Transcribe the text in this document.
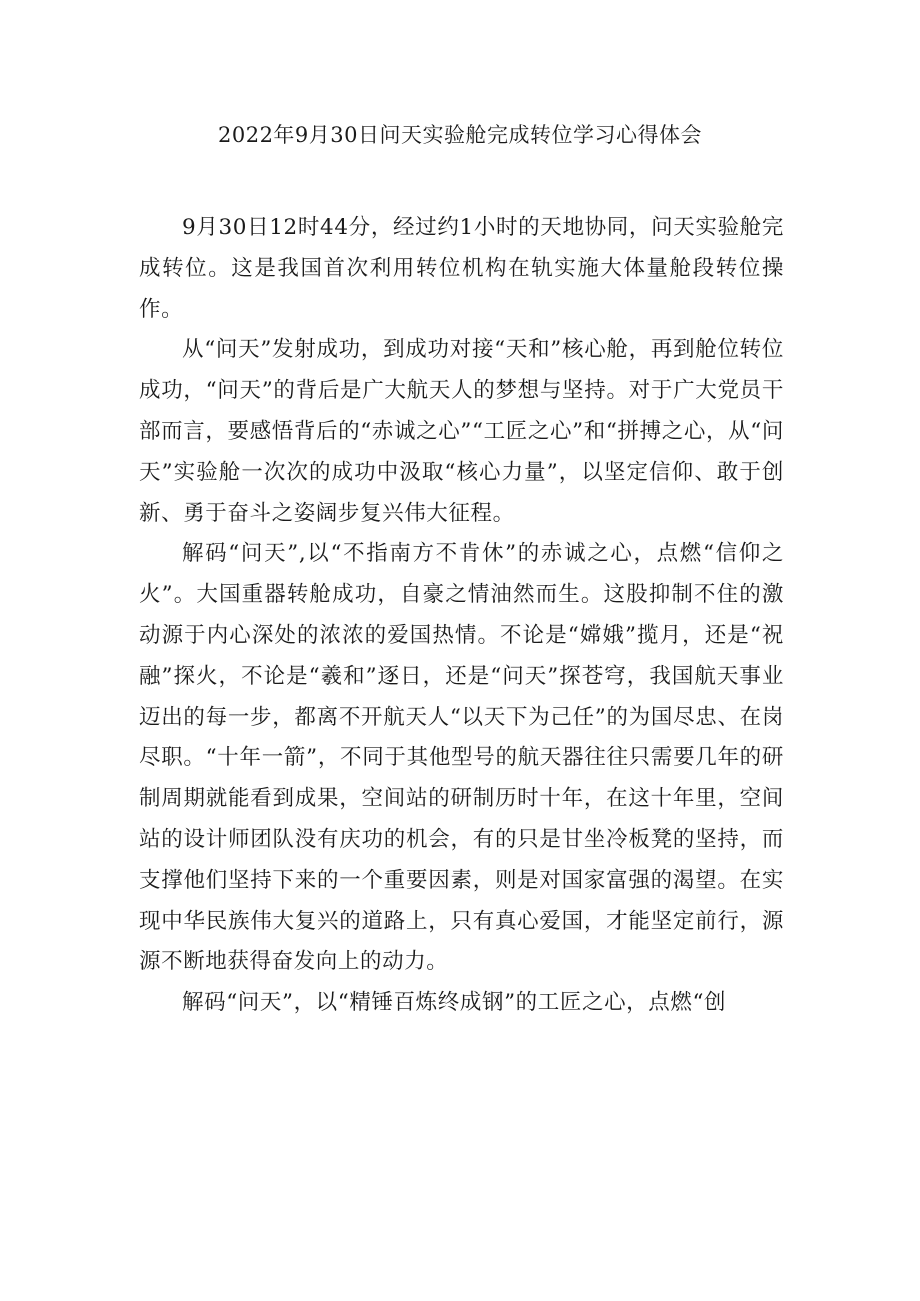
2022年9月30日问天实验舱完成转位学习心得体会

9月30日12时44分，经过约1小时的天地协同，问天实验舱完成转位。这是我国首次利用转位机构在轨实施大体量舱段转位操作。

从“问天”发射成功，到成功对接“天和”核心舱，再到舱位转位成功，“问天”的背后是广大航天人的梦想与坚持。对于广大党员干部而言，要感悟背后的“赤诚之心”“工匠之心”和“拼搏之心，从“问天”实验舱一次次的成功中汲取“核心力量”，以坚定信仰、敢于创新、勇于奋斗之姿阔步复兴伟大征程。

解码“问天”,以“不指南方不肯休”的赤诚之心，点燃“信仰之火”。大国重器转舱成功，自豪之情油然而生。这股抑制不住的激动源于内心深处的浓浓的爱国热情。不论是“嫦娥”揽月，还是“祝融”探火，不论是“羲和”逐日，还是“问天”探苍穹，我国航天事业迈出的每一步，都离不开航天人“以天下为己任”的为国尽忠、在岗尽职。“十年一箭”，不同于其他型号的航天器往往只需要几年的研制周期就能看到成果，空间站的研制历时十年，在这十年里，空间站的设计师团队没有庆功的机会，有的只是甘坐冷板凳的坚持，而支撑他们坚持下来的一个重要因素，则是对国家富强的渴望。在实现中华民族伟大复兴的道路上，只有真心爱国，才能坚定前行，源源不断地获得奋发向上的动力。

解码“问天”，以“精锤百炼终成钢”的工匠之心，点燃“创
